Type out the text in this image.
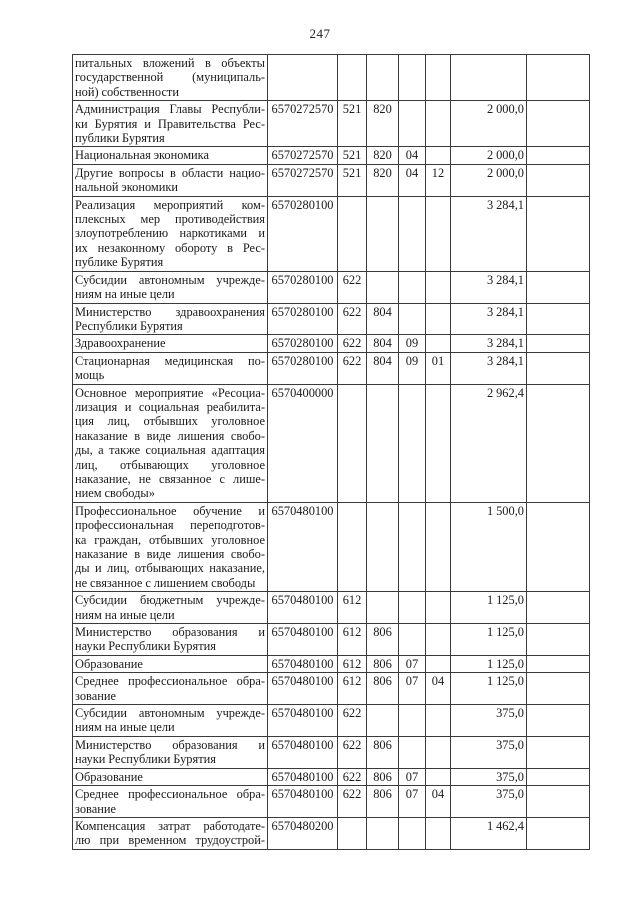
247
питальных вложений в объекты
государственной (муниципаль-
ной) собственности							

Администрация Главы Республи-
ки Бурятия и Правительства Рес-
публики Бурятия	6570272570	521	820			2 000,0	

Национальная экономика	6570272570	521	820	04		2 000,0	

Другие вопросы в области нацио-
нальной экономики	6570272570	521	820	04	12	2 000,0	

Реализация мероприятий ком-
плексных мер противодействия
злоупотреблению наркотиками и
их незаконному обороту в Рес-
публике Бурятия	6570280100					3 284,1	

Субсидии автономным учрежде-
ниям на иные цели	6570280100	622				3 284,1	

Министерство здравоохранения
Республики Бурятия	6570280100	622	804			3 284,1	

Здравоохранение	6570280100	622	804	09		3 284,1	

Стационарная медицинская по-
мощь	6570280100	622	804	09	01	3 284,1	

Основное мероприятие «Ресоциа-
лизация и социальная реабилита-
ция лиц, отбывших уголовное
наказание в виде лишения свобо-
ды, а также социальная адаптация
лиц, отбывающих уголовное
наказание, не связанное с лише-
нием свободы»
	6570400000					2 962,4	

Профессиональное обучение и
профессиональная переподготов-
ка граждан, отбывших уголовное
наказание в виде лишения свобо-
ды и лиц, отбывающих наказание,
не связанное с лишением свободы
	6570480100					1 500,0	

Субсидии бюджетным учрежде-
ниям на иные цели	6570480100	612				1 125,0	

Министерство образования и
науки Республики Бурятия	6570480100	612	806			1 125,0	

Образование	6570480100	612	806	07		1 125,0	

Среднее профессиональное обра-
зование	6570480100	612	806	07	04	1 125,0	

Субсидии автономным учрежде-
ниям на иные цели	6570480100	622				375,0	

Министерство образования и
науки Республики Бурятия	6570480100	622	806			375,0	

Образование	6570480100	622	806	07		375,0	

Среднее профессиональное обра-
зование	6570480100	622	806	07	04	375,0	

Компенсация затрат работодате-
лю при временном трудоустрой-	6570480200					1 462,4	
